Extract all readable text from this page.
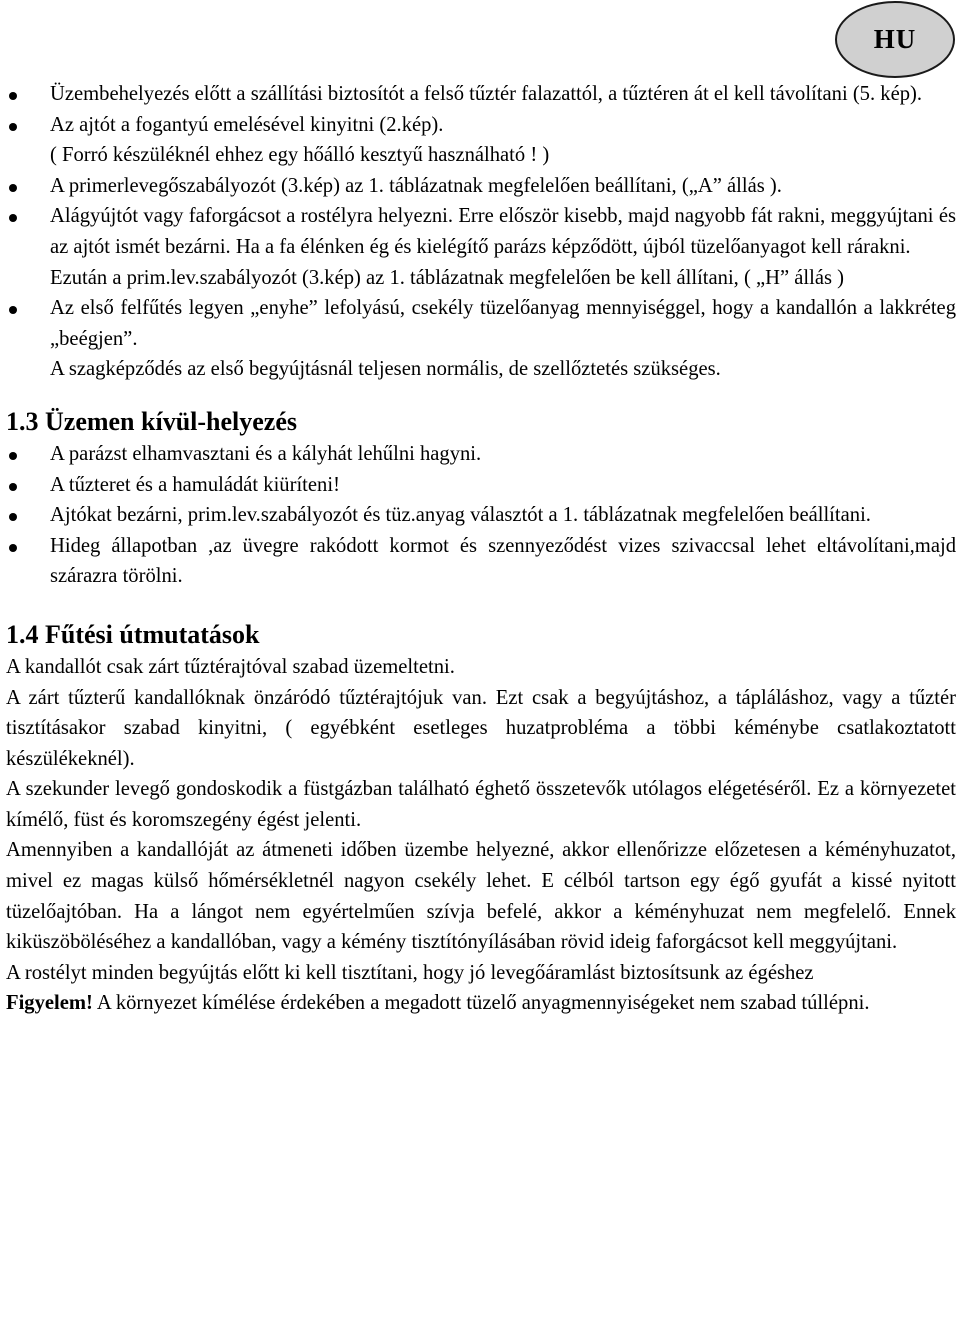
HU

Üzembehelyezés előtt a szállítási biztosítót a felső tűztér falazattól, a tűztéren át el kell távolítani (5. kép).

Az ajtót a fogantyú emelésével kinyitni (2.kép).

( Forró készüléknél ehhez egy hőálló kesztyű használható ! )

A primerlevegőszabályozót (3.kép) az 1. táblázatnak megfelelően beállítani, („A” állás ).

Alágyújtót vagy faforgácsot a rostélyra helyezni. Erre először kisebb, majd nagyobb fát rakni, meggyújtani és az ajtót ismét bezárni. Ha a fa élénken ég és kielégítő parázs képződött, újból tüzelőanyagot kell rárakni.

Ezután a prim.lev.szabályozót (3.kép) az 1. táblázatnak megfelelően be kell állítani, ( „H” állás )

Az első felfűtés legyen „enyhe” lefolyású, csekély tüzelőanyag mennyiséggel, hogy a kandallón a lakkréteg „beégjen”.

A szagképződés az első begyújtásnál teljesen normális, de szellőztetés szükséges.

1.3 Üzemen kívül-helyezés

A parázst elhamvasztani és a kályhát lehűlni hagyni.

A tűzteret és a hamuládát kiüríteni!

Ajtókat bezárni, prim.lev.szabályozót és tüz.anyag választót a 1. táblázatnak megfelelően beállítani.

Hideg állapotban ,az üvegre rakódott kormot és szennyeződést vizes szivaccsal lehet eltávolítani,majd szárazra törölni.

1.4 Fűtési útmutatások

A kandallót csak zárt tűztérajtóval szabad üzemeltetni.

A zárt tűzterű kandallóknak önzáródó tűztérajtójuk van. Ezt csak a begyújtáshoz, a tápláláshoz, vagy a tűztér tisztításakor szabad kinyitni, ( egyébként esetleges huzatprobléma a többi kéménybe csatlakoztatott készülékeknél).

A szekunder levegő gondoskodik a füstgázban található éghető összetevők utólagos elégetéséről. Ez a környezetet kímélő, füst és koromszegény égést jelenti.

Amennyiben a kandallóját az átmeneti időben üzembe helyezné, akkor ellenőrizze előzetesen a kéményhuzatot, mivel ez magas külső hőmérsékletnél nagyon csekély lehet. E célból tartson egy égő gyufát a kissé nyitott tüzelőajtóban. Ha a lángot nem egyértelműen szívja befelé, akkor a kéményhuzat nem megfelelő. Ennek kiküszöböléséhez a kandallóban, vagy a kémény tisztítónyílásában rövid ideig faforgácsot kell meggyújtani.

A rostélyt minden begyújtás előtt ki kell tisztítani, hogy jó levegőáramlást biztosítsunk az égéshez

Figyelem! A környezet kímélése érdekében a megadott tüzelő anyagmennyiségeket nem szabad túllépni.
